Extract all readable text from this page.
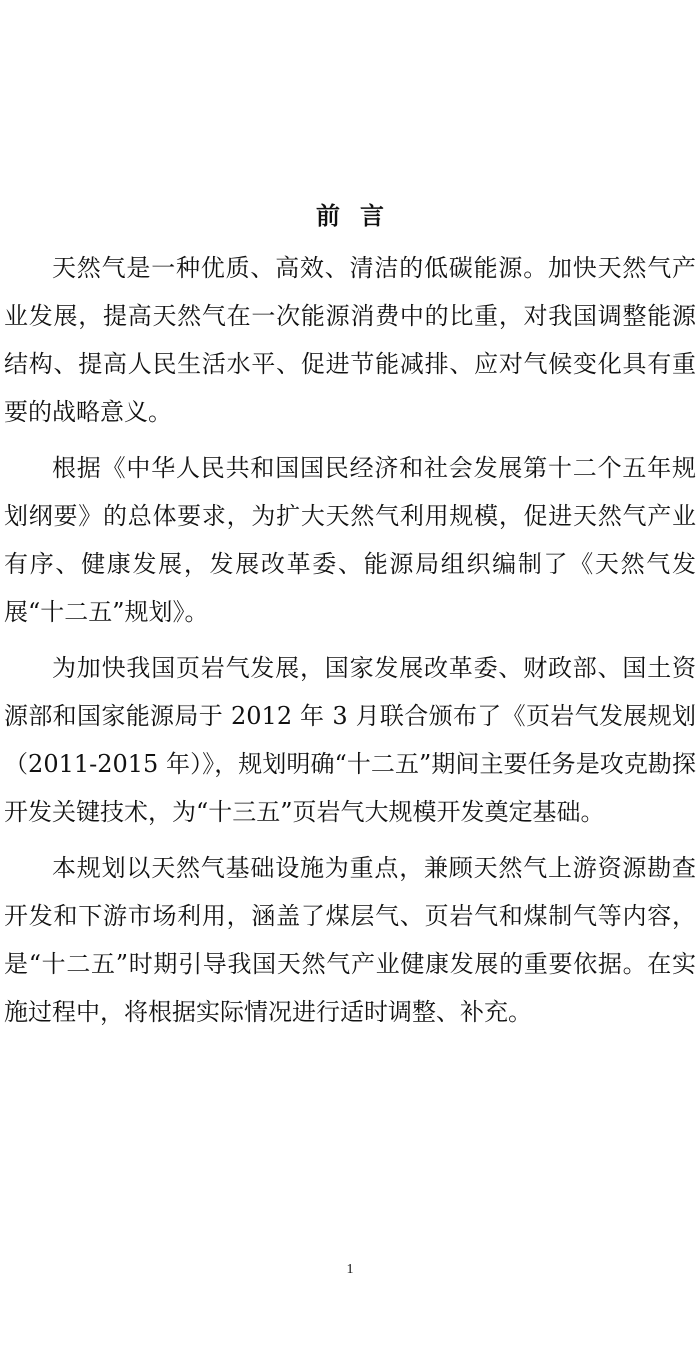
前言

天然气是一种优质、高效、清洁的低碳能源。加快天然气产业发展，提高天然气在一次能源消费中的比重，对我国调整能源结构、提高人民生活水平、促进节能减排、应对气候变化具有重要的战略意义。

根据《中华人民共和国国民经济和社会发展第十二个五年规划纲要》的总体要求，为扩大天然气利用规模，促进天然气产业有序、健康发展，发展改革委、能源局组织编制了《天然气发展“十二五”规划》。

为加快我国页岩气发展，国家发展改革委、财政部、国土资源部和国家能源局于 2012 年 3 月联合颁布了《页岩气发展规划（2011-2015 年）》，规划明确“十二五”期间主要任务是攻克勘探开发关键技术，为“十三五”页岩气大规模开发奠定基础。

本规划以天然气基础设施为重点，兼顾天然气上游资源勘查开发和下游市场利用，涵盖了煤层气、页岩气和煤制气等内容，是“十二五”时期引导我国天然气产业健康发展的重要依据。在实施过程中，将根据实际情况进行适时调整、补充。

1
